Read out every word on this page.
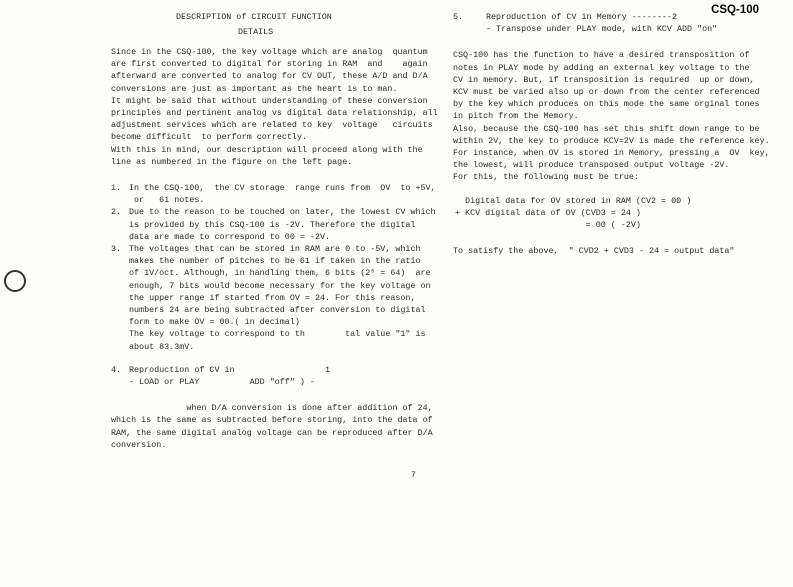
CSQ-100
DESCRIPTION of CIRCUIT FUNCTION
DETAILS
Since in the CSQ-100, the key voltage which are analog  quantum
are first converted to digital for storing in RAM  and    again
afterward are converted to analog for CV OUT, these A/D and D/A
conversions are just as important as the heart is to man.
It might be said that without understanding of these conversion
principles and pertinent analog vs digital data relationship, all
adjustment services which are related to key  voltage   circuits
become difficult  to perform correctly.
With this in mind, our description will proceed along with the
line as numbered in the figure on the left page.
1. In the CSQ-100,  the CV storage  range runs from  OV  to +5V,
or   61 notes.
2. Due to the reason to be touched on later, the lowest CV which
is provided by this CSQ-100 is -2V. Therefore the digital
data are made to correspond to 00 = -2V.
3. The voltages that can be stored in RAM are 0 to -5V, which
makes the number of pitches to be 61 if taken in the ratio
of 1V/oct. Although, in handling them, 6 bits (2⁶ = 64)  are
enough, 7 bits would become necessary for the key voltage on
the upper range if started from OV = 24. For this reason,
numbers 24 are being subtracted after conversion to digital
form to make OV = 00.( in decimal)
The key voltage to correspond to th        tal value "1" is
about 83.3mV.
4. Reproduction of CV in                  1
- LOAD or PLAY          ADD "off" ) -
when D/A conversion is done after addition of 24,
which is the same as subtracted before storing, into the data of
RAM, the same digital analog voltage can be reproduced after D/A
conversion.
5.	Reproduction of CV in Memory --------2
- Transpose under PLAY mode, with KCV ADD "on"
CSQ-100 has the function to have a desired transposition of
notes in PLAY mode by adding an external key voltage to the
CV in memory. But, if transposition is required  up or down,
KCV must be varied also up or down from the center referenced
by the key which produces on this mode the same orginal tones
in pitch from the Memory.
Also, because the CSQ-100 has set this shift down range to be
within 2V, the key to produce KCV=2V is made the reference key.
For instance, when OV is stored in Memory, pressing a  OV  key,
the lowest, will produce transposed output voltage -2V.
For this, the following must be true:
Digital data for OV stored in RAM (CV2 = 00 )
+ KCV digital data of OV (CVD3 = 24 )
= 00 ( -2V)
To satisfy the above,  " CVD2 + CVD3 - 24 = output data"
7
